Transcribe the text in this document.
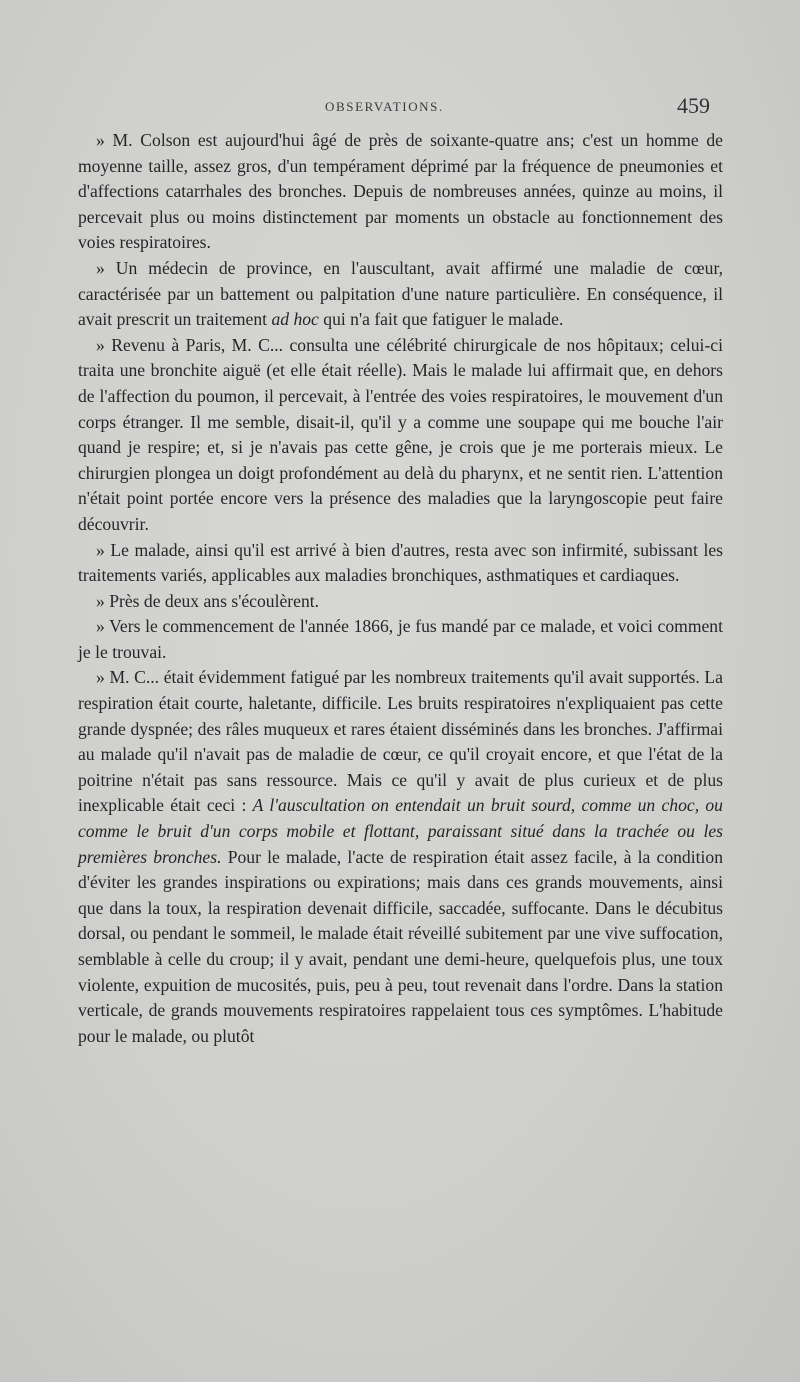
OBSERVATIONS.	459

» M. Colson est aujourd'hui âgé de près de soixante-quatre ans; c'est un homme de moyenne taille, assez gros, d'un tempérament déprimé par la fréquence de pneumonies et d'affections catarrhales des bronches. Depuis de nombreuses années, quinze au moins, il percevait plus ou moins distinctement par moments un obstacle au fonctionnement des voies respiratoires.

» Un médecin de province, en l'auscultant, avait affirmé une maladie de cœur, caractérisée par un battement ou palpitation d'une nature particulière. En conséquence, il avait prescrit un traitement ad hoc qui n'a fait que fatiguer le malade.

» Revenu à Paris, M. C... consulta une célébrité chirurgicale de nos hôpitaux; celui-ci traita une bronchite aiguë (et elle était réelle). Mais le malade lui affirmait que, en dehors de l'affection du poumon, il percevait, à l'entrée des voies respiratoires, le mouvement d'un corps étranger. Il me semble, disait-il, qu'il y a comme une soupape qui me bouche l'air quand je respire; et, si je n'avais pas cette gêne, je crois que je me porterais mieux. Le chirurgien plongea un doigt profondément au delà du pharynx, et ne sentit rien. L'attention n'était point portée encore vers la présence des maladies que la laryngoscopie peut faire découvrir.

» Le malade, ainsi qu'il est arrivé à bien d'autres, resta avec son infirmité, subissant les traitements variés, applicables aux maladies bronchiques, asthmatiques et cardiaques.

» Près de deux ans s'écoulèrent.

» Vers le commencement de l'année 1866, je fus mandé par ce malade, et voici comment je le trouvai.

» M. C... était évidemment fatigué par les nombreux traitements qu'il avait supportés. La respiration était courte, haletante, difficile. Les bruits respiratoires n'expliquaient pas cette grande dyspnée; des râles muqueux et rares étaient disséminés dans les bronches. J'affirmai au malade qu'il n'avait pas de maladie de cœur, ce qu'il croyait encore, et que l'état de la poitrine n'était pas sans ressource. Mais ce qu'il y avait de plus curieux et de plus inexplicable était ceci : A l'auscultation on entendait un bruit sourd, comme un choc, ou comme le bruit d'un corps mobile et flottant, paraissant situé dans la trachée ou les premières bronches. Pour le malade, l'acte de respiration était assez facile, à la condition d'éviter les grandes inspirations ou expirations; mais dans ces grands mouvements, ainsi que dans la toux, la respiration devenait difficile, saccadée, suffocante. Dans le décubitus dorsal, ou pendant le sommeil, le malade était réveillé subitement par une vive suffocation, semblable à celle du croup; il y avait, pendant une demi-heure, quelquefois plus, une toux violente, expuition de mucosités, puis, peu à peu, tout revenait dans l'ordre. Dans la station verticale, de grands mouvements respiratoires rappelaient tous ces symptômes. L'habitude pour le malade, ou plutôt
